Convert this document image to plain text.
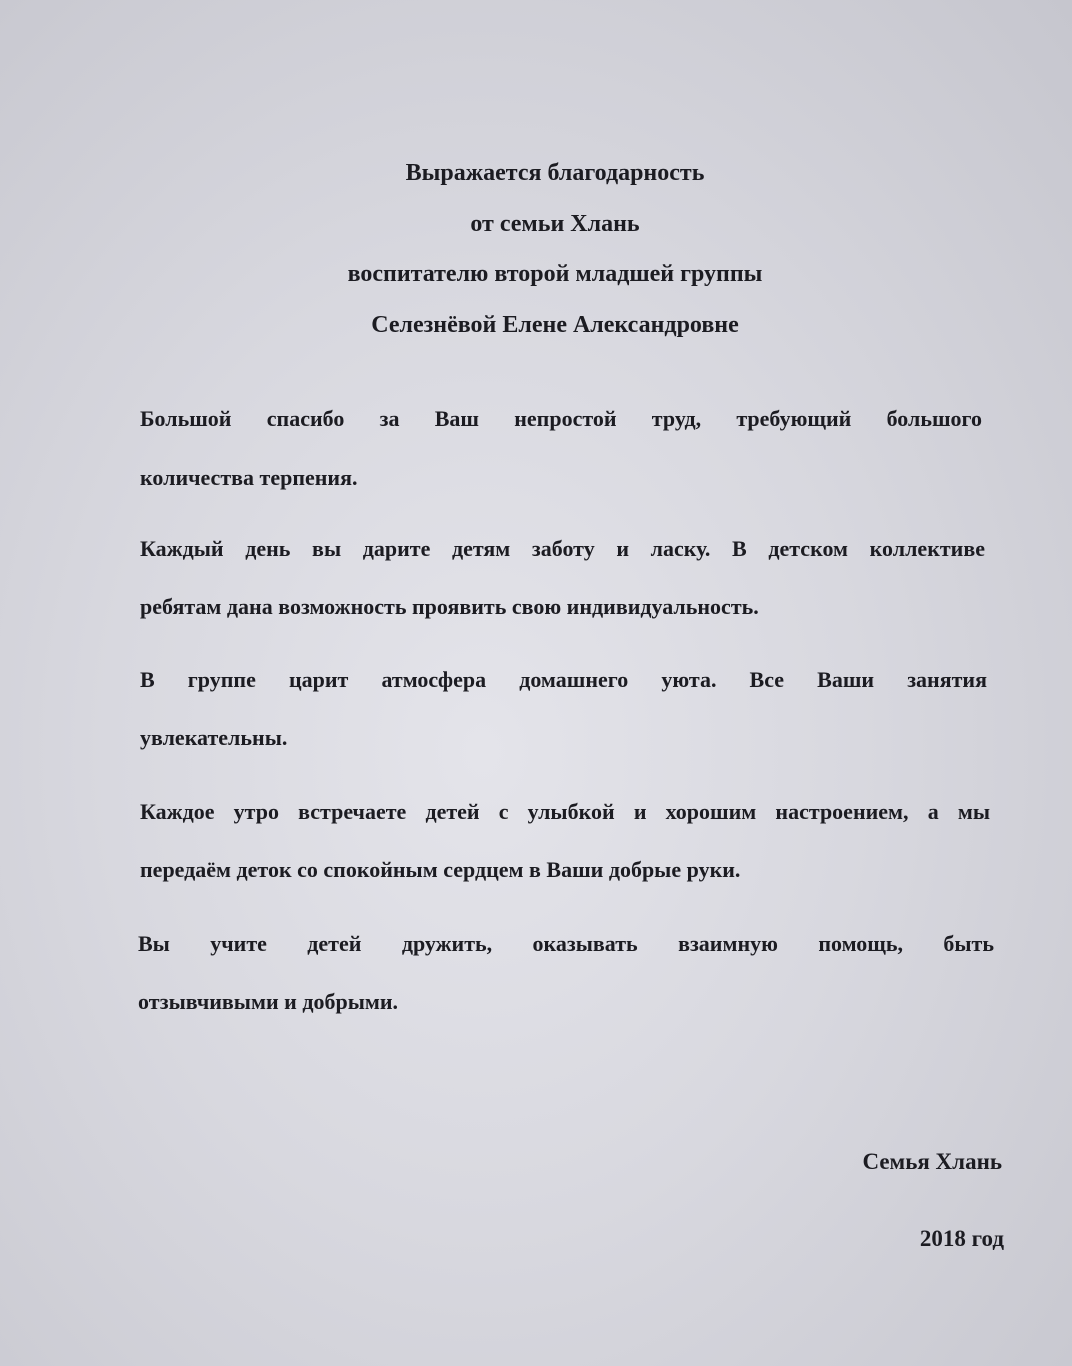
Выражается благодарность
от семьи Хлань
воспитателю второй младшей группы
Селезнёвой Елене Александровне
Большой спасибо за Ваш непростой труд, требующий большого
количества терпения.
Каждый день вы дарите детям заботу и ласку. В детском коллективе
ребятам дана возможность проявить свою индивидуальность.
В группе царит атмосфера домашнего уюта. Все Ваши занятия
увлекательны.
Каждое утро встречаете детей с улыбкой и хорошим настроением, а мы
передаём деток со спокойным сердцем в Ваши добрые руки.
Вы учите детей дружить, оказывать взаимную помощь, быть
отзывчивыми и добрыми.
Семья Хлань
2018 год
